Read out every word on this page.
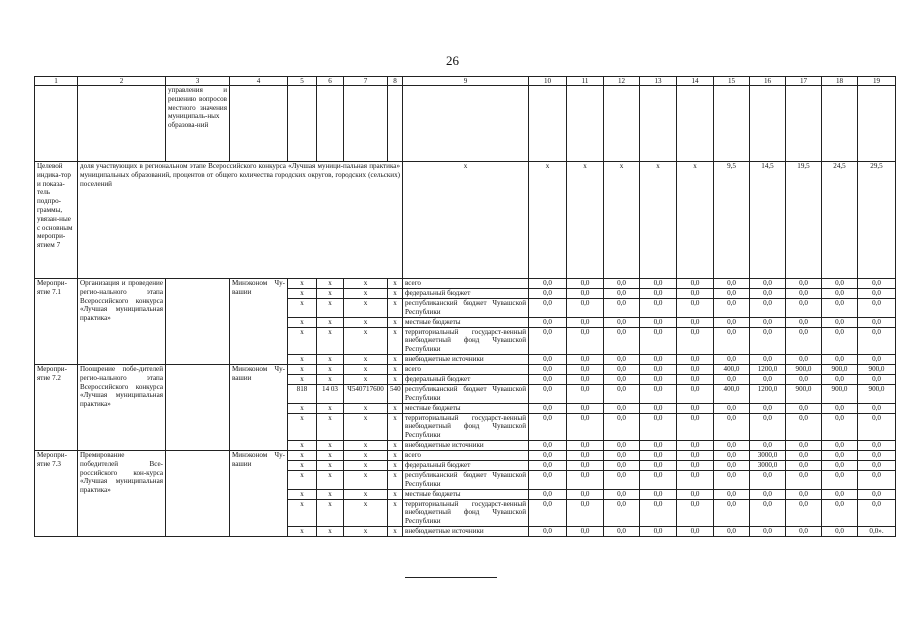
26
1	2	3	4	5	6	7	8	9	10	11	12	13	14	15	16	17	18	19
		управления и решению вопросов местного значения муниципаль-ных образова-ний																
Целевой индика-тор и показа-тель подпро-граммы, увязан-ные с основным меропри-ятием 7	доля участвующих в региональном этапе Всероссийского конкурса «Лучшая муници-пальная практика» муниципальных образований, процентов от общего количества городских округов, городских (сельских) поселений							х	х	х	х	х	х	9,5	14,5	19,5	24,5	29,5
Меропри-ятие 7.1	Организация и проведение регио-нального этапа Всероссийского конкурса «Лучшая муниципальная практика»		Минэконом Чу-вашии	х	х	х	х	всего	0,0	0,0	0,0	0,0	0,0	0,0	0,0	0,0	0,0	0,0
				х	х	х	х	федеральный бюджет	0,0	0,0	0,0	0,0	0,0	0,0	0,0	0,0	0,0	0,0
				х	х	х	х	республиканский бюджет Чувашской Республики	0,0	0,0	0,0	0,0	0,0	0,0	0,0	0,0	0,0	0,0
				х	х	х	х	местные бюджеты	0,0	0,0	0,0	0,0	0,0	0,0	0,0	0,0	0,0	0,0
				х	х	х	х	территориальный государст-венный внебюджетный фонд Чувашской Республики	0,0	0,0	0,0	0,0	0,0	0,0	0,0	0,0	0,0	0,0
				х	х	х	х	внебюджетные источники	0,0	0,0	0,0	0,0	0,0	0,0	0,0	0,0	0,0	0,0
Меропри-ятие 7.2	Поощрение побе-дителей регио-нального этапа Всероссийского конкурса «Лучшая муниципальная практика»		Минэконом Чу-вашии	х	х	х	х	всего	0,0	0,0	0,0	0,0	0,0	400,0	1200,0	900,0	900,0	900,0
				х	х	х	х	федеральный бюджет	0,0	0,0	0,0	0,0	0,0	0,0	0,0	0,0	0,0	0,0
				818	14 03	Ч540717600	540	республиканский бюджет Чувашской Республики	0,0	0,0	0,0	0,0	0,0	400,0	1200,0	900,0	900,0	900,0
				х	х	х	х	местные бюджеты	0,0	0,0	0,0	0,0	0,0	0,0	0,0	0,0	0,0	0,0
				х	х	х	х	территориальный государст-венный внебюджетный фонд Чувашской Республики	0,0	0,0	0,0	0,0	0,0	0,0	0,0	0,0	0,0	0,0
				х	х	х	х	внебюджетные источники	0,0	0,0	0,0	0,0	0,0	0,0	0,0	0,0	0,0	0,0
Меропри-ятие 7.3	Премирование победителей Все-российского кон-курса «Лучшая муниципальная практика»		Минэконом Чу-вашии	х	х	х	х	всего	0,0	0,0	0,0	0,0	0,0	0,0	3000,0	0,0	0,0	0,0
				х	х	х	х	федеральный бюджет	0,0	0,0	0,0	0,0	0,0	0,0	3000,0	0,0	0,0	0,0
				х	х	х	х	республиканский бюджет Чувашской Республики	0,0	0,0	0,0	0,0	0,0	0,0	0,0	0,0	0,0	0,0
				х	х	х	х	местные бюджеты	0,0	0,0	0,0	0,0	0,0	0,0	0,0	0,0	0,0	0,0
				х	х	х	х	территориальный государст-венный внебюджетный фонд Чувашской Республики	0,0	0,0	0,0	0,0	0,0	0,0	0,0	0,0	0,0	0,0
				х	х	х	х	внебюджетные источники	0,0	0,0	0,0	0,0	0,0	0,0	0,0	0,0	0,0	0,0».
